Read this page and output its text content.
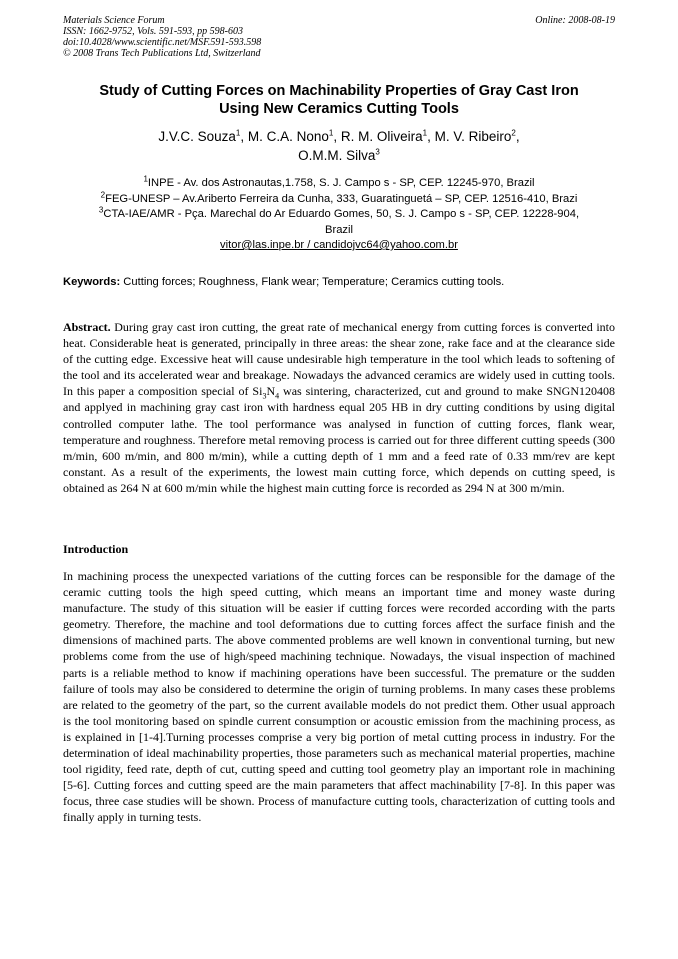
Materials Science Forum
ISSN: 1662-9752, Vols. 591-593, pp 598-603
doi:10.4028/www.scientific.net/MSF.591-593.598
© 2008 Trans Tech Publications Ltd, Switzerland
Online: 2008-08-19
Study of Cutting Forces on Machinability Properties of Gray Cast Iron
Using New Ceramics Cutting Tools
J.V.C. Souza$^1$, M. C.A. Nono$^1$, R. M. Oliveira$^1$, M. V. Ribeiro$^2$,
O.M.M. Silva$^3$
$^1$INPE - Av. dos Astronautas,1.758, S. J. Campo s - SP, CEP. 12245-970, Brazil
$^2$FEG-UNESP – Av.Ariberto Ferreira da Cunha, 333, Guaratinguetá – SP, CEP. 12516-410, Brazi
$^3$CTA-IAE/AMR - Pça. Marechal do Ar Eduardo Gomes, 50, S. J. Campo s - SP, CEP. 12228-904,
Brazil
vitor@las.inpe.br / candidojvc64@yahoo.com.br
Keywords: Cutting forces; Roughness, Flank wear; Temperature; Ceramics cutting tools.
Abstract. During gray cast iron cutting, the great rate of mechanical energy from cutting forces is converted into heat. Considerable heat is generated, principally in three areas: the shear zone, rake face and at the clearance side of the cutting edge. Excessive heat will cause undesirable high temperature in the tool which leads to softening of the tool and its accelerated wear and breakage. Nowadays the advanced ceramics are widely used in cutting tools. In this paper a composition special of $Si_3N_4$ was sintering, characterized, cut and ground to make SNGN120408 and applyed in machining gray cast iron with hardness equal 205 HB in dry cutting conditions by using digital controlled computer lathe. The tool performance was analysed in function of cutting forces, flank wear, temperature and roughness. Therefore metal removing process is carried out for three different cutting speeds (300 m/min, 600 m/min, and 800 m/min), while a cutting depth of 1 mm and a feed rate of 0.33 mm/rev are kept constant. As a result of the experiments, the lowest main cutting force, which depends on cutting speed, is obtained as 264 N at 600 m/min while the highest main cutting force is recorded as 294 N at 300 m/min.
Introduction
In machining process the unexpected variations of the cutting forces can be responsible for the damage of the ceramic cutting tools the high speed cutting, which means an important time and money waste during manufacture. The study of this situation will be easier if cutting forces were recorded according with the parts geometry. Therefore, the machine and tool deformations due to cutting forces affect the surface finish and the dimensions of machined parts. The above commented problems are well known in conventional turning, but new problems come from the use of high/speed machining technique. Nowadays, the visual inspection of machined parts is a reliable method to know if machining operations have been successful. The premature or the sudden failure of tools may also be considered to determine the origin of turning problems. In many cases these problems are related to the geometry of the part, so the current available models do not predict them. Other usual approach is the tool monitoring based on spindle current consumption or acoustic emission from the machining process, as is explained in [1-4].Turning processes comprise a very big portion of metal cutting process in industry. For the determination of ideal machinability properties, those parameters such as mechanical material properties, machine tool rigidity, feed rate, depth of cut, cutting speed and cutting tool geometry play an important role in machining [5-6]. Cutting forces and cutting speed are the main parameters that affect machinability [7-8]. In this paper was focus, three case studies will be shown. Process of manufacture cutting tools, characterization of cutting tools and finally apply in turning tests.
